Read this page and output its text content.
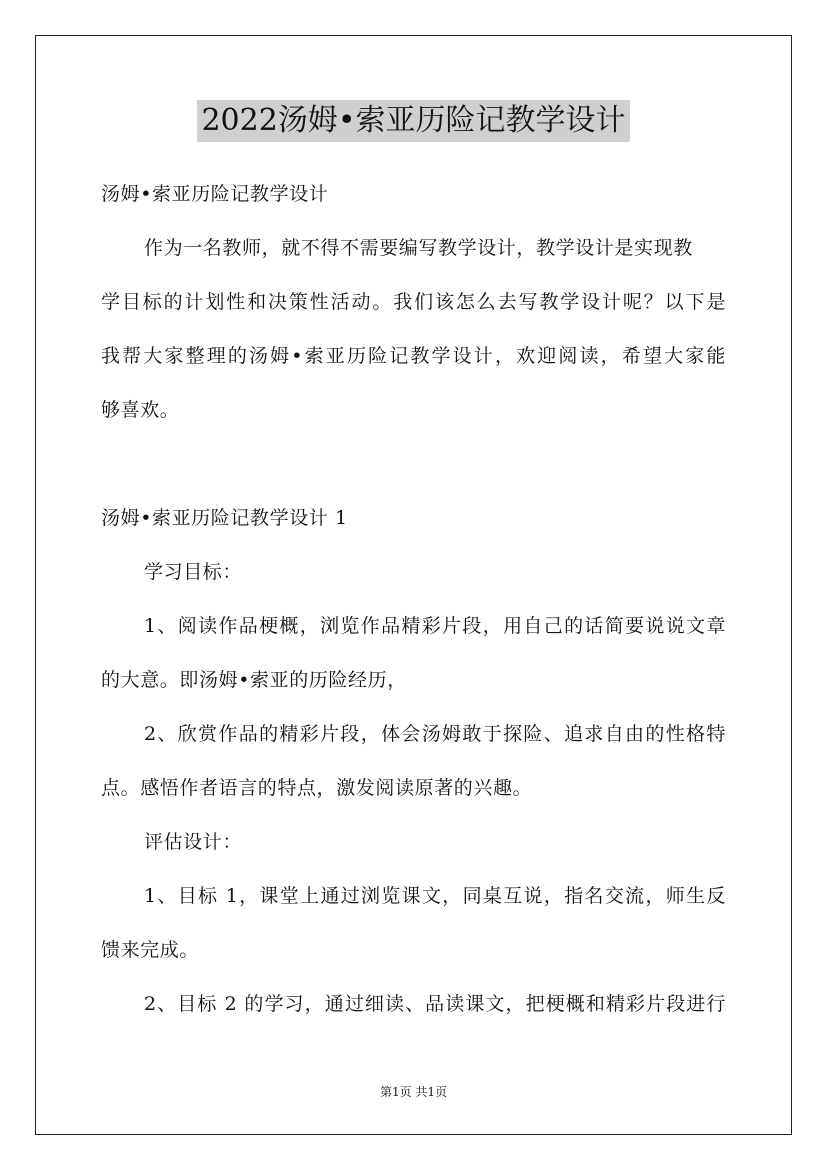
2022汤姆•索亚历险记教学设计
汤姆•索亚历险记教学设计
作为一名教师，就不得不需要编写教学设计，教学设计是实现教
学目标的计划性和决策性活动。我们该怎么去写教学设计呢？以下是
我帮大家整理的汤姆•索亚历险记教学设计，欢迎阅读，希望大家能
够喜欢。
汤姆•索亚历险记教学设计 1
学习目标：
1、阅读作品梗概，浏览作品精彩片段，用自己的话简要说说文章
的大意。即汤姆•索亚的历险经历，
2、欣赏作品的精彩片段，体会汤姆敢于探险、追求自由的性格特
点。感悟作者语言的特点，激发阅读原著的兴趣。
评估设计：
1、目标 1，课堂上通过浏览课文，同桌互说，指名交流，师生反
馈来完成。
2、目标 2 的学习，通过细读、品读课文，把梗概和精彩片段进行
第1页 共1页
